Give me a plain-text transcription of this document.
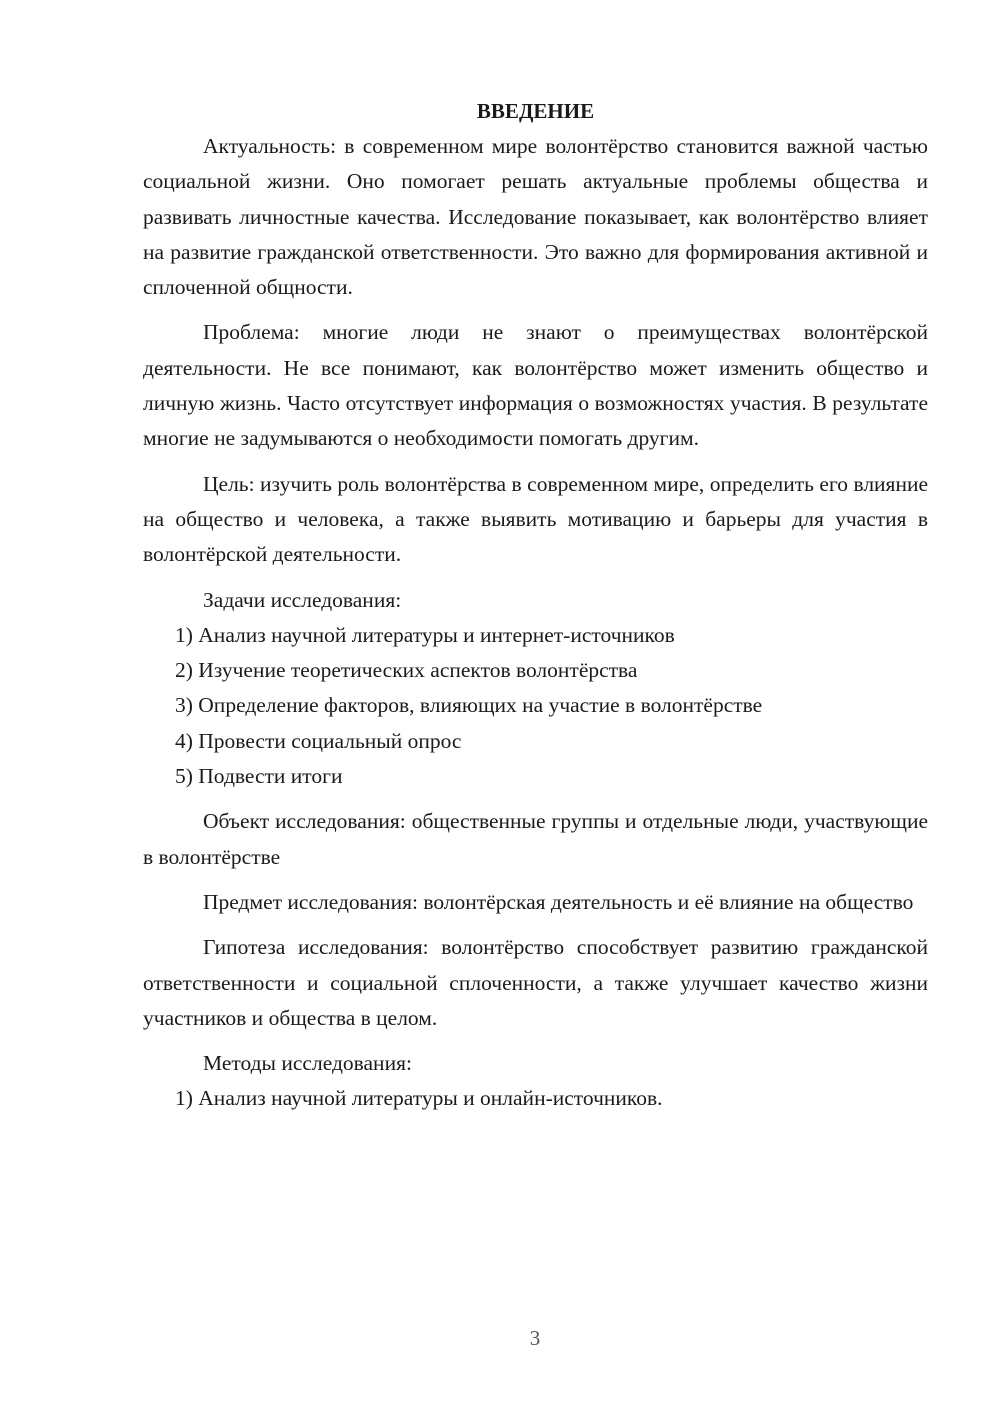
ВВЕДЕНИЕ

Актуальность: в современном мире волонтёрство становится важной частью социальной жизни. Оно помогает решать актуальные проблемы общества и развивать личностные качества. Исследование показывает, как волонтёрство влияет на развитие гражданской ответственности. Это важно для формирования активной и сплоченной общности.

Проблема: многие люди не знают о преимуществах волонтёрской деятельности. Не все понимают, как волонтёрство может изменить общество и личную жизнь. Часто отсутствует информация о возможностях участия. В результате многие не задумываются о необходимости помогать другим.

Цель: изучить роль волонтёрства в современном мире, определить его влияние на общество и человека, а также выявить мотивацию и барьеры для участия в волонтёрской деятельности.

Задачи исследования:

1) Анализ научной литературы и интернет-источников

2) Изучение теоретических аспектов волонтёрства

3) Определение факторов, влияющих на участие в волонтёрстве

4) Провести социальный опрос

5) Подвести итоги

Объект исследования: общественные группы и отдельные люди, участвующие в волонтёрстве

Предмет исследования: волонтёрская деятельность и её влияние на общество

Гипотеза исследования: волонтёрство способствует развитию гражданской ответственности и социальной сплоченности, а также улучшает качество жизни участников и общества в целом.

Методы исследования:

1) Анализ научной литературы и онлайн-источников.

3
